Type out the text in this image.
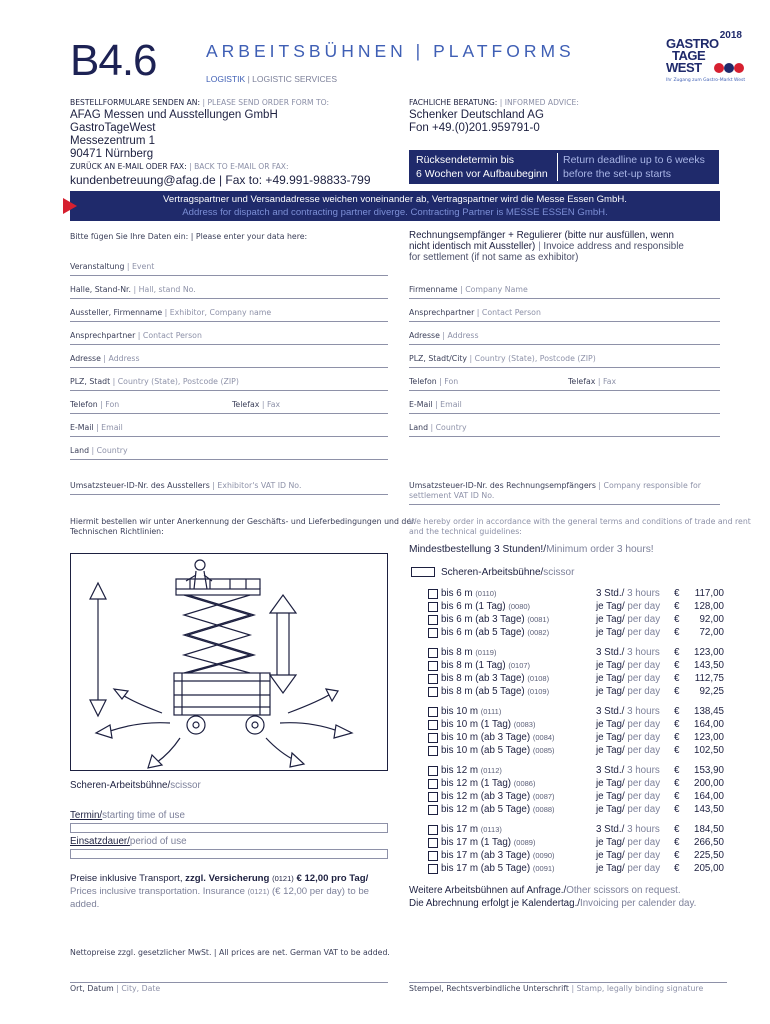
B4.6	ARBEITSBÜHNEN | PLATFORMS
LOGISTIK | LOGISTIC SERVICES
2018
GASTRO
TAGE
WEST
Ihr Zugang zum Gastro-Markt West
BESTELLFORMULARE SENDEN AN: | PLEASE SEND ORDER FORM TO:
AFAG Messen und Ausstellungen GmbH
GastroTageWest
Messezentrum 1
90471 Nürnberg
ZURÜCK AN E-MAIL ODER FAX: | BACK TO E-MAIL OR FAX:
kundenbetreuung@afag.de | Fax to: +49.991-98833-799
FACHLICHE BERATUNG: | INFORMED ADVICE:
Schenker Deutschland AG
Fon +49.(0)201.959791-0
Rücksendetermin bis
6 Wochen vor Aufbaubeginn
Return deadline up to 6 weeks
before the set-up starts
Vertragspartner und Versandadresse weichen voneinander ab, Vertragspartner wird die Messe Essen GmbH.
Address for dispatch and contracting partner diverge. Contracting Partner is MESSE ESSEN GmbH.
Bitte fügen Sie Ihre Daten ein: | Please enter your data here:
Veranstaltung | Event
Halle, Stand-Nr. | Hall, stand No.
Aussteller, Firmenname | Exhibitor, Company name
Ansprechpartner | Contact Person
Adresse | Address
PLZ, Stadt | Country (State), Postcode (ZIP)
Telefon | Fon	Telefax | Fax
E-Mail | Email
Land | Country
Umsatzsteuer-ID-Nr. des Ausstellers | Exhibitor's VAT ID No.
Hiermit bestellen wir unter Anerkennung der Geschäfts- und Lieferbedingungen und der
Technischen Richtlinien:
Rechnungsempfänger + Regulierer (bitte nur ausfüllen, wenn
nicht identisch mit Aussteller) | Invoice address and responsible
for settlement (if not same as exhibitor)
Firmenname | Company Name
Ansprechpartner | Contact Person
Adresse | Address
PLZ, Stadt/City | Country (State), Postcode (ZIP)
Telefon | Fon	Telefax | Fax
E-Mail | Email
Land | Country
Umsatzsteuer-ID-Nr. des Rechnungsempfängers | Company responsible for
settlement VAT ID No.
We hereby order in accordance with the general terms and conditions of trade and rent
and the technical guidelines:
Scheren-Arbeitsbühne/scissor
Termin/starting time of use
Einsatzdauer/period of use
Preise inklusive Transport, zzgl. Versicherung (0121) € 12,00 pro Tag/
Prices inclusive transportation. Insurance (0121) (€ 12,00 per day) to be
added.
Mindestbestellung 3 Stunden!/Minimum order 3 hours!
Scheren-Arbeitsbühne/scissor
bis 6 m (0110)	3 Std./ 3 hours €	117,00
bis 6 m (1 Tag) (0080)	je Tag/ per day €	128,00
bis 6 m (ab 3 Tage) (0081)	je Tag/ per day €	92,00
bis 6 m (ab 5 Tage) (0082)	je Tag/ per day €	72,00
bis 8 m (0119)	3 Std./ 3 hours €	123,00
bis 8 m (1 Tag) (0107)	je Tag/ per day €	143,50
bis 8 m (ab 3 Tage) (0108)	je Tag/ per day €	112,75
bis 8 m (ab 5 Tage) (0109)	je Tag/ per day €	92,25
bis 10 m (0111)	3 Std./ 3 hours €	138,45
bis 10 m (1 Tag) (0083)	je Tag/ per day €	164,00
bis 10 m (ab 3 Tage) (0084)	je Tag/ per day €	123,00
bis 10 m (ab 5 Tage) (0085)	je Tag/ per day €	102,50
bis 12 m (0112)	3 Std./ 3 hours €	153,90
bis 12 m (1 Tag) (0086)	je Tag/ per day €	200,00
bis 12 m (ab 3 Tage) (0087)	je Tag/ per day €	164,00
bis 12 m (ab 5 Tage) (0088)	je Tag/ per day €	143,50
bis 17 m (0113)	3 Std./ 3 hours €	184,50
bis 17 m (1 Tag) (0089)	je Tag/ per day €	266,50
bis 17 m (ab 3 Tage) (0090)	je Tag/ per day €	225,50
bis 17 m (ab 5 Tage) (0091)	je Tag/ per day €	205,00
Weitere Arbeitsbühnen auf Anfrage./Other scissors on request.
Die Abrechnung erfolgt je Kalendertag./Invoicing per calender day.
Nettopreise zzgl. gesetzlicher MwSt. | All prices are net. German VAT to be added.
Ort, Datum | City, Date	Stempel, Rechtsverbindliche Unterschrift | Stamp, legally binding signature
